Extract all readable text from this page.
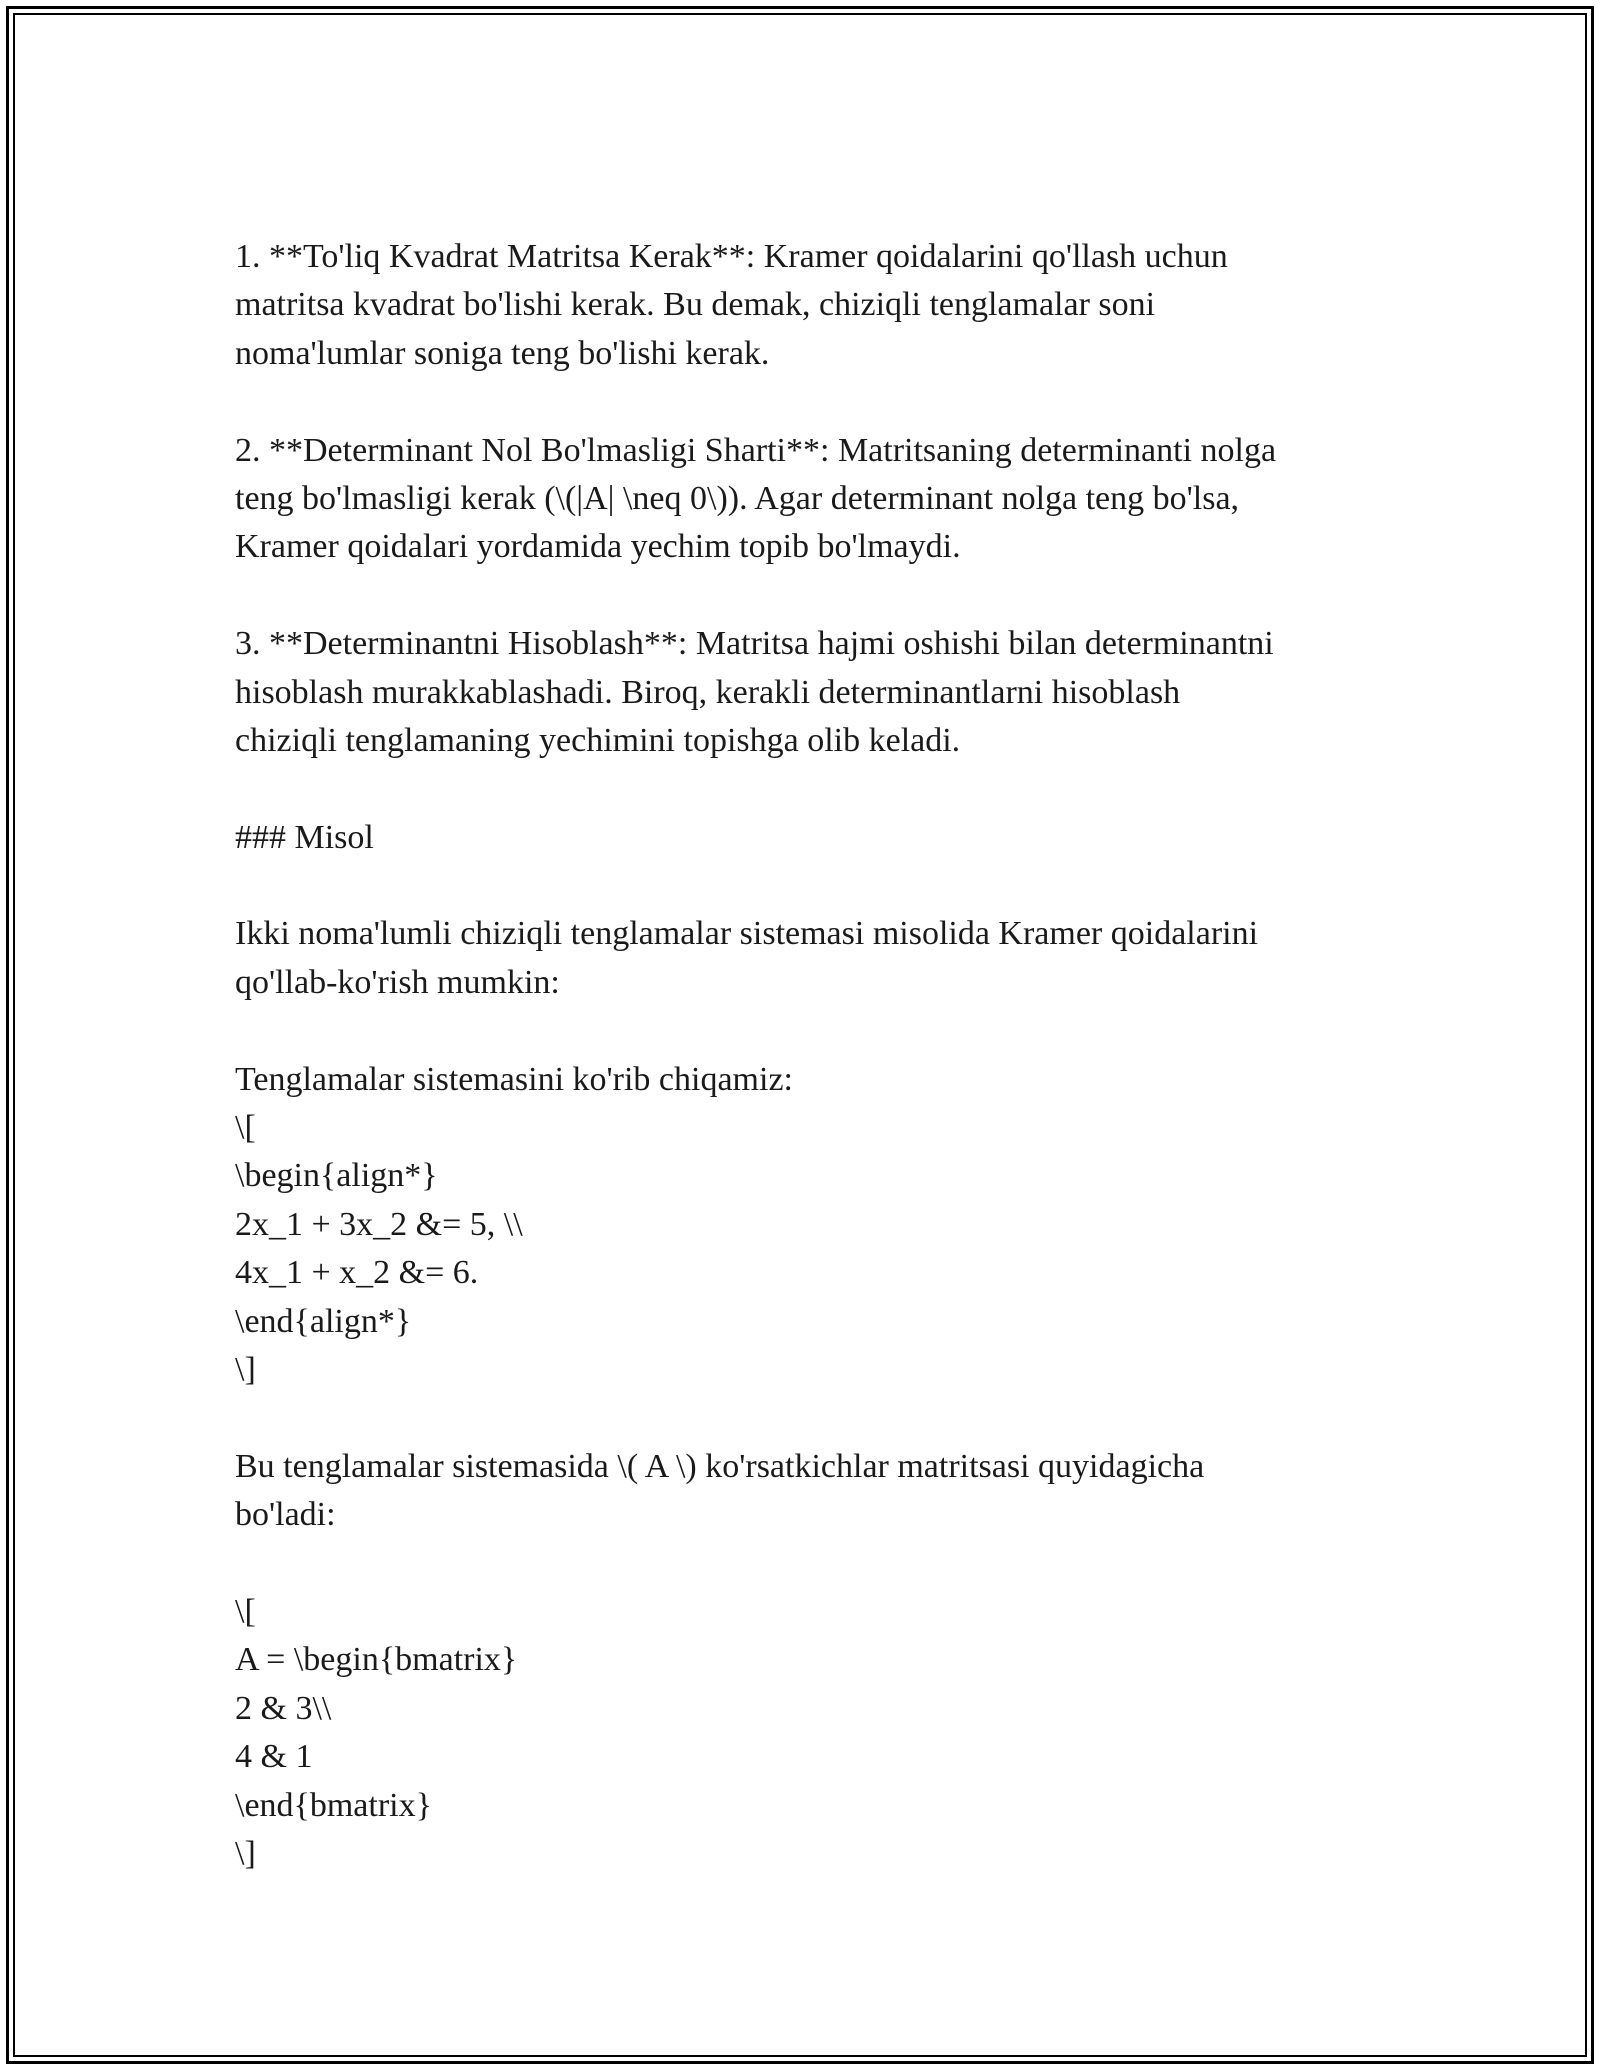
1. **To'liq Kvadrat Matritsa Kerak**: Kramer qoidalarini qo'llash uchun
matritsa kvadrat bo'lishi kerak. Bu demak, chiziqli tenglamalar soni
noma'lumlar soniga teng bo'lishi kerak.
2. **Determinant Nol Bo'lmasligi Sharti**: Matritsaning determinanti nolga
teng bo'lmasligi kerak (\(|A| \neq 0\)). Agar determinant nolga teng bo'lsa,
Kramer qoidalari yordamida yechim topib bo'lmaydi.
3. **Determinantni Hisoblash**: Matritsa hajmi oshishi bilan determinantni
hisoblash murakkablashadi. Biroq, kerakli determinantlarni hisoblash
chiziqli tenglamaning yechimini topishga olib keladi.
### Misol
Ikki noma'lumli chiziqli tenglamalar sistemasi misolida Kramer qoidalarini
qo'llab-ko'rish mumkin:
Tenglamalar sistemasini ko'rib chiqamiz:
\[
\begin{align*}
2x_1 + 3x_2 &= 5, \\
4x_1 + x_2 &= 6.
\end{align*}
\]
Bu tenglamalar sistemasida \( A \) ko'rsatkichlar matritsasi quyidagicha
bo'ladi:
\[
A = \begin{bmatrix}
2 & 3\\
4 & 1
\end{bmatrix}
\]
